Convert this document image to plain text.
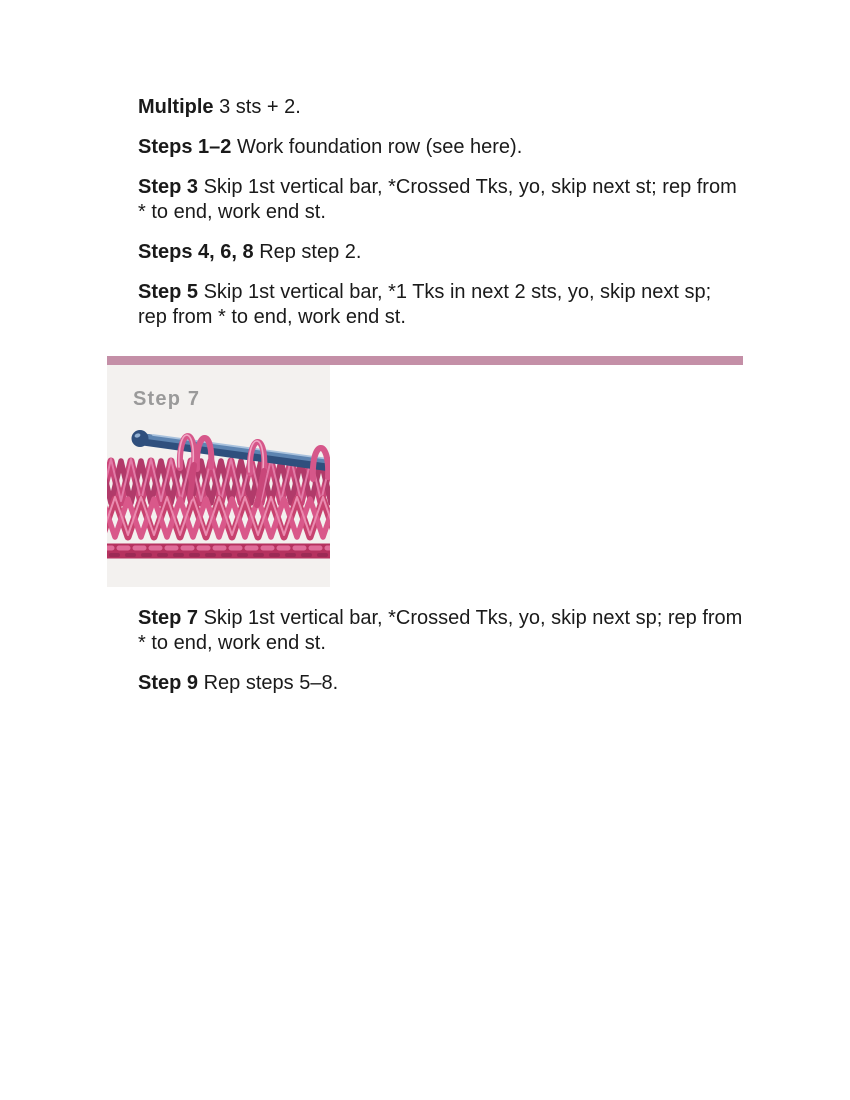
Multiple 3 sts + 2.

Steps 1–2 Work foundation row (see here).

Step 3 Skip 1st vertical bar, *Crossed Tks, yo, skip next st; rep from * to end, work end st.

Steps 4, 6, 8 Rep step 2.

Step 5 Skip 1st vertical bar, *1 Tks in next 2 sts, yo, skip next sp; rep from * to end, work end st.

Step 7

Step 7 Skip 1st vertical bar, *Crossed Tks, yo, skip next sp; rep from * to end, work end st.

Step 9 Rep steps 5–8.
